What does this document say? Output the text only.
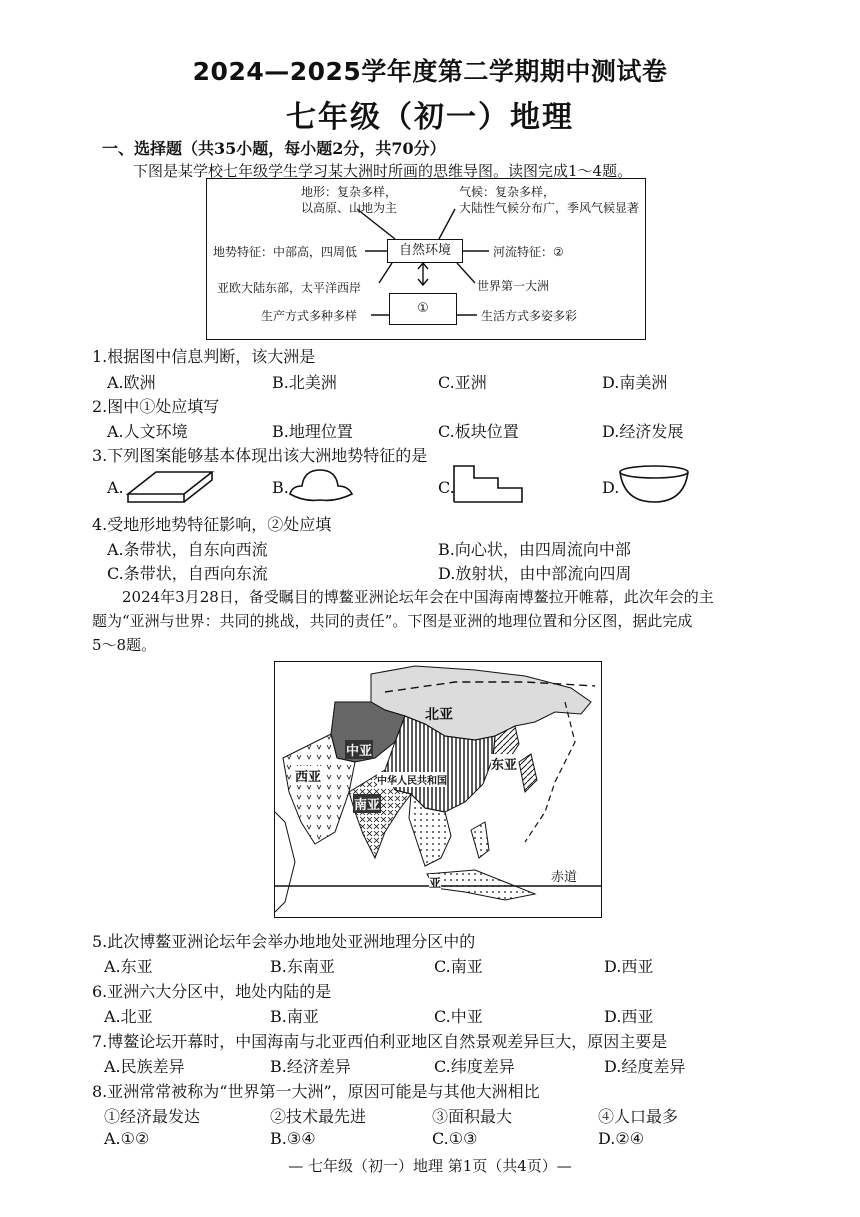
2024—2025学年度第二学期期中测试卷
七年级（初一）地理
一、选择题（共35小题，每小题2分，共70分）
下图是某学校七年级学生学习某大洲时所画的思维导图。读图完成1～4题。
地形：复杂多样，
以高原、山地为主
气候：复杂多样，
大陆性气候分布广，季风气候显著
地势特征：中部高，四周低	自然环境	河流特征：②
亚欧大陆东部，太平洋西岸	世界第一大洲
①
生产方式多种多样	生活方式多姿多彩
1.根据图中信息判断，该大洲是
A.欧洲	B.北美洲	C.亚洲	D.南美洲
2.图中①处应填写
A.人文环境	B.地理位置	C.板块位置	D.经济发展
3.下列图案能够基本体现出该大洲地势特征的是
A.	B.	C.	D.
4.受地形地势特征影响，②处应填
A.条带状，自东向西流	B.向心状，由四周流向中部
C.条带状，自西向东流	D.放射状，由中部流向四周
2024年3月28日，备受瞩目的博鳌亚洲论坛年会在中国海南博鳌拉开帷幕，此次年会的主
题为“亚洲与世界：共同的挑战，共同的责任”。下图是亚洲的地理位置和分区图，据此完成
5～8题。
北亚
中亚
西亚
南亚
东亚
中华人民共和国
亚	赤道
5.此次博鳌亚洲论坛年会举办地地处亚洲地理分区中的
A.东亚	B.东南亚	C.南亚	D.西亚
6.亚洲六大分区中，地处内陆的是
A.北亚	B.南亚	C.中亚	D.西亚
7.博鳌论坛开幕时，中国海南与北亚西伯利亚地区自然景观差异巨大，原因主要是
A.民族差异	B.经济差异	C.纬度差异	D.经度差异
8.亚洲常常被称为“世界第一大洲”，原因可能是与其他大洲相比
①经济最发达	②技术最先进	③面积最大	④人口最多
A.①②	B.③④	C.①③	D.②④
— 七年级（初一）地理 第1页（共4页）—
